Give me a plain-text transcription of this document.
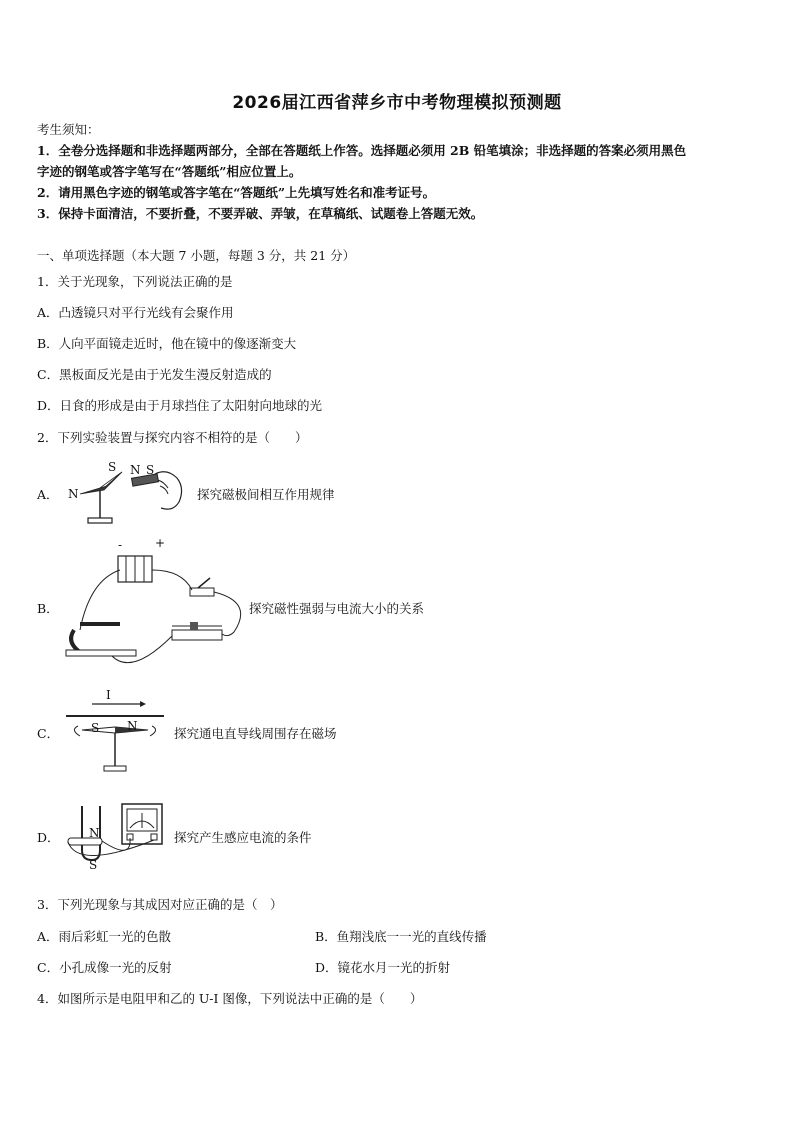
2026届江西省萍乡市中考物理模拟预测题
考生须知：
1．全卷分选择题和非选择题两部分，全部在答题纸上作答。选择题必须用 2B 铅笔填涂；非选择题的答案必须用黑色
字迹的钢笔或答字笔写在“答题纸”相应位置上。
2．请用黑色字迹的钢笔或答字笔在“答题纸”上先填写姓名和准考证号。
3．保持卡面清洁，不要折叠，不要弄破、弄皱，在草稿纸、试题卷上答题无效。
一、单项选择题（本大题 7 小题，每题 3 分，共 21 分）
1．关于光现象，下列说法正确的是
A．凸透镜只对平行光线有会聚作用
B．人向平面镜走近时，他在镜中的像逐渐变大
C．黑板面反光是由于光发生漫反射造成的
D．日食的形成是由于月球挡住了太阳射向地球的光
2．下列实验装置与探究内容不相符的是（　　）
A． N
S N S
探究磁极间相互作用规律
B．
-	+
探究磁性强弱与电流大小的关系
C．
I
S N	探究通电直导线周围存在磁场
D． N
S
探究产生感应电流的条件
3．下列光现象与其成因对应正确的是（　）
A．雨后彩虹一光的色散	B．鱼翔浅底一一光的直线传播
C．小孔成像一光的反射	D．镜花水月一光的折射
4．如图所示是电阻甲和乙的 U-I 图像，下列说法中正确的是（　　）
